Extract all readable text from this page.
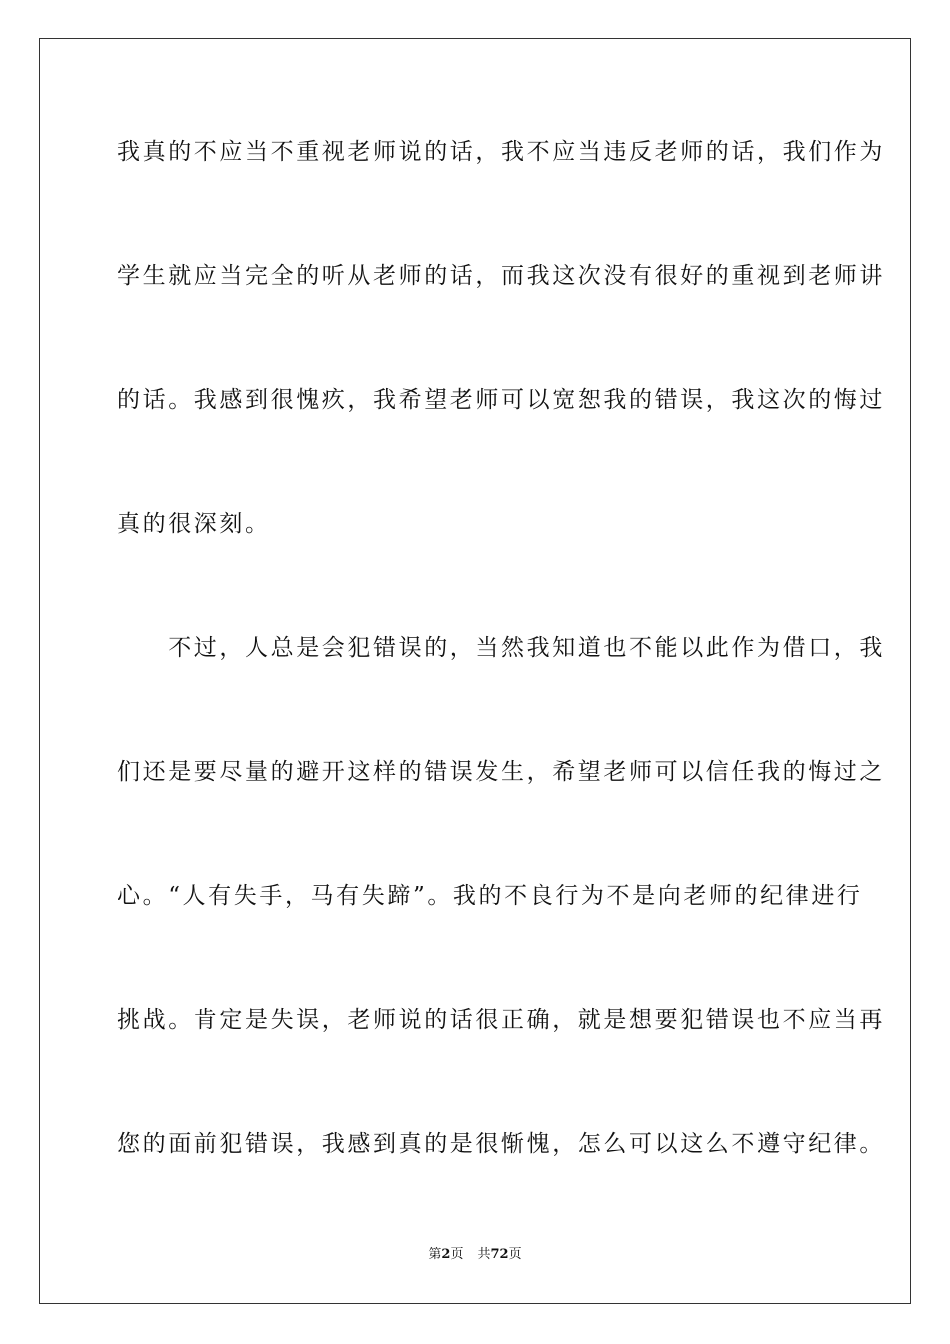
我真的不应当不重视老师说的话，我不应当违反老师的话，我们作为
学生就应当完全的听从老师的话，而我这次没有很好的重视到老师讲
的话。我感到很愧疚，我希望老师可以宽恕我的错误，我这次的悔过
真的很深刻。
　　不过，人总是会犯错误的，当然我知道也不能以此作为借口，我
们还是要尽量的避开这样的错误发生，希望老师可以信任我的悔过之
心。“人有失手，马有失蹄”。我的不良行为不是向老师的纪律进行
挑战。肯定是失误，老师说的话很正确，就是想要犯错误也不应当再
您的面前犯错误，我感到真的是很惭愧，怎么可以这么不遵守纪律。
第2页 共72页
